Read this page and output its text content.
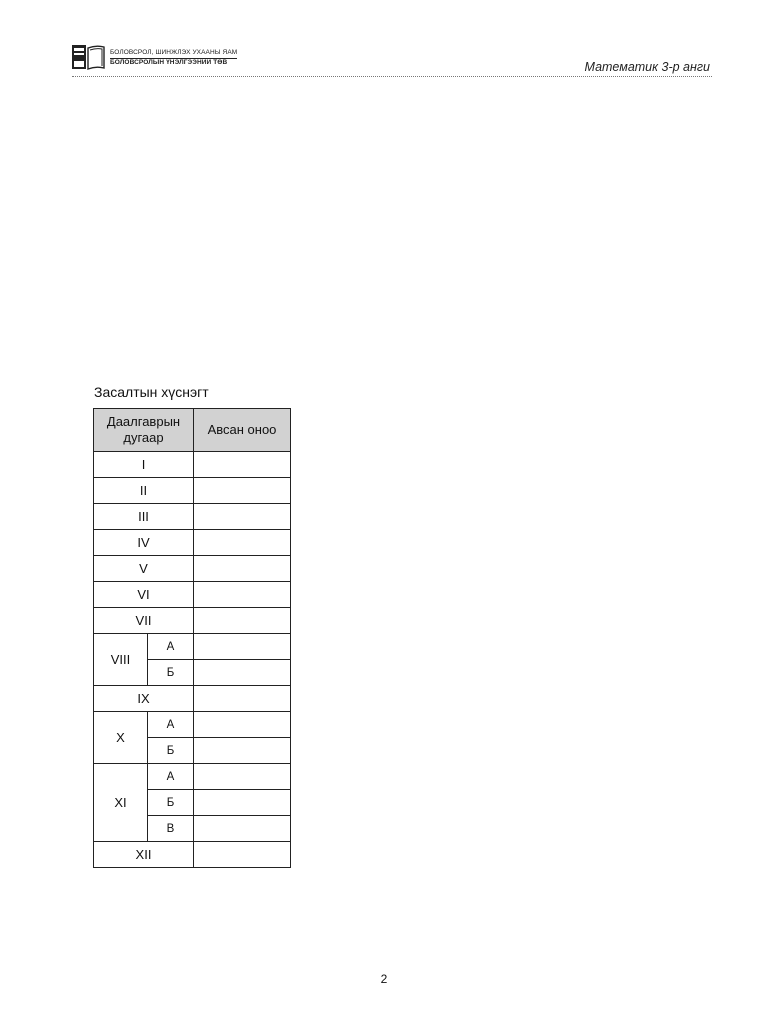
БОЛОВСРОЛ, ШИНЖЛЭХ УХААНЫ ЯАМ
БОЛОВСРОЛЫН ҮНЭЛГЭЭНИЙ ТӨВ	Математик 3-р анги
Засалтын хүснэгт
Даалгаврын дугаар		Авсан оноо
I		
II		
III		
IV		
V		
VI		
VII		
VIII	А	
	Б	
IX		
X	А	
	Б	
XI	А	
	Б	
	В	
XII		
2
